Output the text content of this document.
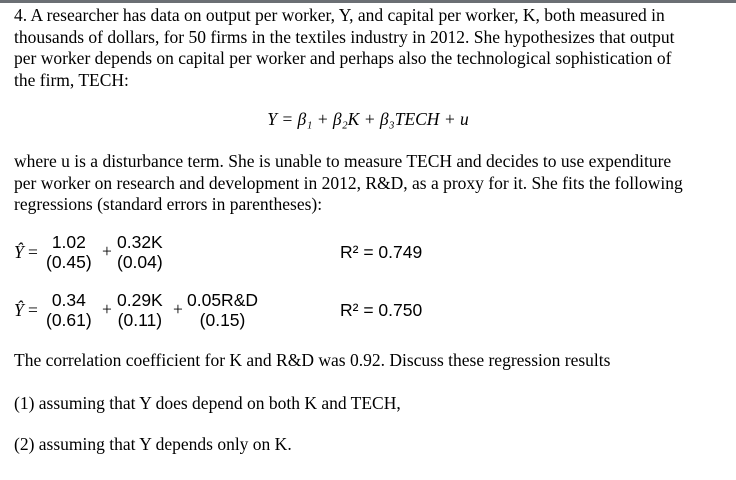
4. A researcher has data on output per worker, Y, and capital per worker, K, both measured in
thousands of dollars, for 50 firms in the textiles industry in 2012. She hypothesizes that output
per worker depends on capital per worker and perhaps also the technological sophistication of
the firm, TECH:
Y = β₁ + β₂K + β₃TECH + u
where u is a disturbance term. She is unable to measure TECH and decides to use expenditure
per worker on research and development in 2012, R&D, as a proxy for it. She fits the following
regressions (standard errors in parentheses):
Ŷ = 1.02
(0.45)
+ 0.32K
(0.04)	R² = 0.749
Ŷ = 0.34
(0.61)
+ 0.29K
(0.11)
+ 0.05R&D
(0.15)	R² = 0.750
The correlation coefficient for K and R&D was 0.92. Discuss these regression results
(1) assuming that Y does depend on both K and TECH,
(2) assuming that Y depends only on K.
